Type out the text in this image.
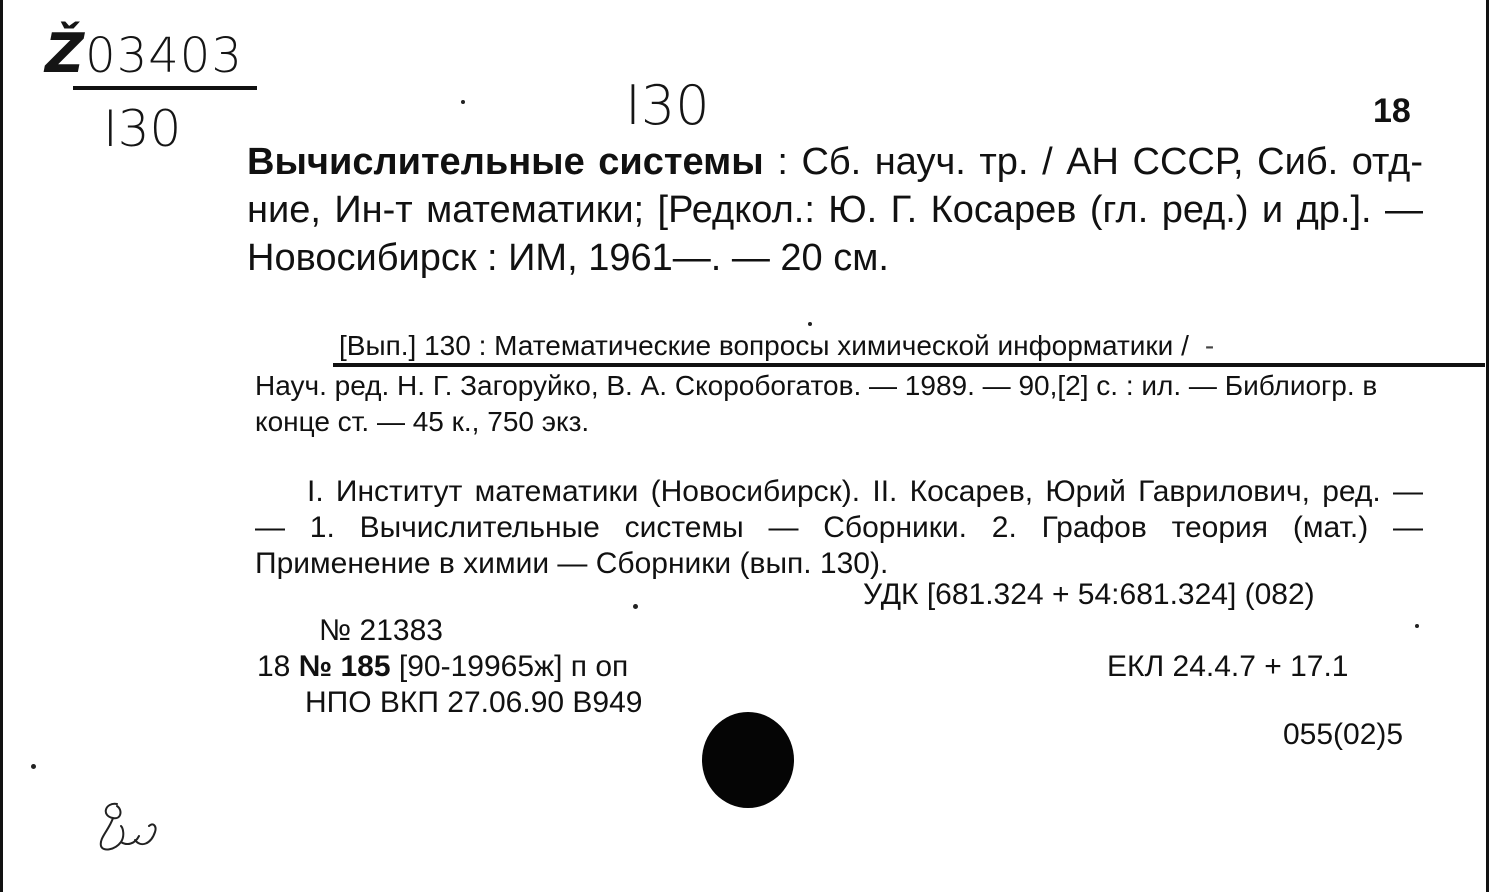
Ž03403
I30	I30	18
Вычислительные системы : Сб. науч. тр. / АН СССР, Сиб. отд-ние, Ин-т математики; [Редкол.: Ю. Г. Косарев (гл. ред.) и др.]. — Новосибирск : ИМ, 1961—. — 20 см.
[Вып.] 130 : Математические вопросы химической информатики / -
Науч. ред. Н. Г. Загоруйко, В. А. Скоробогатов. — 1989. — 90,[2] с. : ил. — Библиогр. в конце ст. — 45 к., 750 экз.
I. Институт математики (Новосибирск). II. Косарев, Юрий Гаврилович, ред. — — 1. Вычислительные системы — Сборники. 2. Графов теория (мат.) — Применение в химии — Сборники (вып. 130).
УДК [681.324 + 54:681.324] (082)
№ 21383
18 № 185 [90-19965ж] п оп
НПО ВКП 27.06.90 В949
ЕКЛ 24.4.7 + 17.1
055(02)5
